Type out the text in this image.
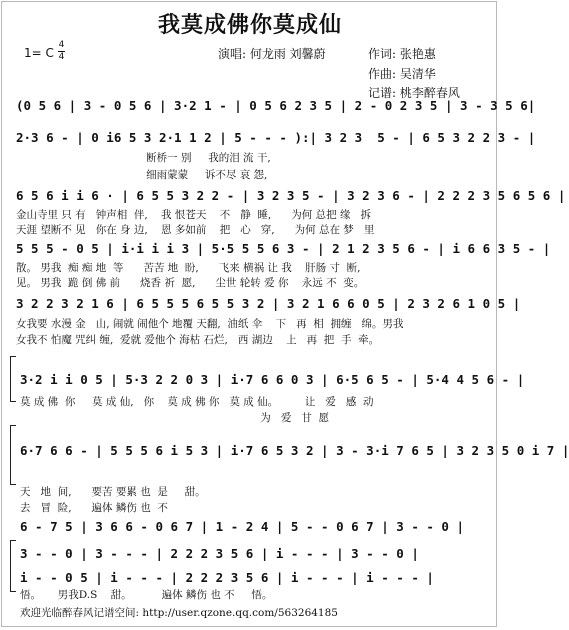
我莫成佛你莫成仙
1= C
4
4	演唱: 何龙雨 刘馨蔚	作词: 张艳惠
作曲: 吴清华
记谱: 桃李醉春风
(0 5 6 | 3 - 0 5 6 | 3·2 1 - | 0 5 6 2 3 5 | 2 - 0 2 3 5 | 3 - 3 5 6|
2·3 6 - | 0 i6 5 3 2·1 1 2 | 5 - - - ):| 3 2 3  5 - | 6 5 3 2 2 3 - |
断桥一 别     我的泪 流 干,
细雨蒙蒙     诉不尽 哀 怨,
6 5 6 i i 6 · | 6 5 5 3 2 2 - | 3 2 3 5 - | 3 2 3 6 - | 2 2 2 3 5 6 5 6 |
金山寺里 只 有   钟声相  伴,    我 恨苍天    不   静  睡,      为何 总把 缘   拆
天涯 望断不 见   你在 身 边,    恩 多如前    把   心   穿,      为何 总在 梦   里
5 5 5 - 0 5 | i·i i i 3 | 5·5 5 5 6 3 - | 2 1 2 3 5 6 - | i 6 6 3 5 - |
散。 男我  痴 痴 地  等      苦苦 地  盼,      飞来 横祸 让 我    肝肠 寸  断,
见。 男我  跪 倒 佛 前      烧香 祈  愿,      尘世 轮转 爱 你    永远 不  变。
3 2 2 3 2 1 6 | 6 5 5 5 6 5 5 3 2 | 3 2 1 6 6 0 5 | 2 3 2 6 1 0 5 |
女我要 水漫 金   山, 闹就 闹他个 地覆 天翻,  油纸 伞    下   再  相  拥缠   绵。男我
女我不 怕魔 咒纠 缠,  爱就 爱他个 海枯 石烂,   西 湖边    上   再  把  手  牵。
3·2 i i 0 5 | 5·3 2 2 0 3 | i·7 6 6 0 3 | 6·5 6 5 - | 5·4 4 5 6 - |
莫 成 佛  你     莫 成 仙,   你    莫 成 佛 你   莫 成 仙。        让   爱   感  动
为   爱   甘  愿
6·7 6 6 - | 5 5 5 6 i 5 3 | i·7 6 5 3 2 | 3 - 3·i 7 6 5 | 3 2 3 5 0 i 7 |
天   地  间,      要苦 要累 也  是     甜。
去   冒  险,      遍体 鳞伤 也  不
6 - 7 5 | 3 6 6 - 0 6 7 | 1 - 2 4 | 5 - - 0 6 7 | 3 - - 0 |
3 - - 0 | 3 - - - | 2 2 2 3 5 6 | i - - - | 3 - - 0 |
i - - 0 5 | i - - - | 2 2 2 3 5 6 | i - - - | i - - - |
悟。     男我D.S    甜。         遍体 鳞伤 也 不     悟。
欢迎光临醉春风记谱空间: http://user.qzone.qq.com/563264185
